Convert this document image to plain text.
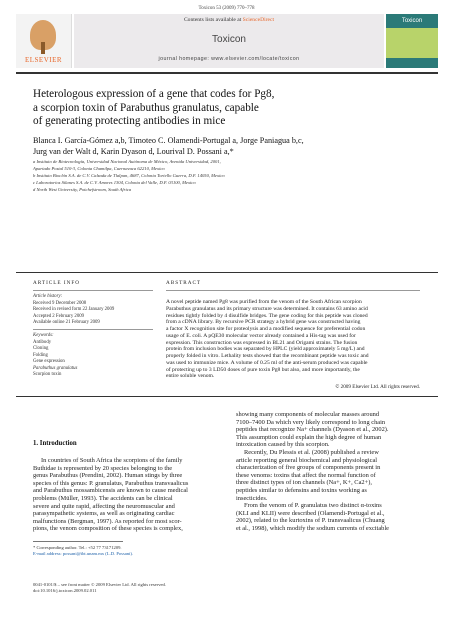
Toxicon 53 (2009) 770–778
ELSEVIER
Contents lists available at ScienceDirect
Toxicon
journal homepage: www.elsevier.com/locate/toxicon
Toxicon
Heterologous expression of a gene that codes for Pg8,
a scorpion toxin of Parabuthus granulatus, capable
of generating protecting antibodies in mice
Blanca I. García-Gómez a,b, Timoteo C. Olamendi-Portugal a, Jorge Paniagua b,c,
Jurg van der Walt d, Karin Dyason d, Lourival D. Possani a,*
a Instituto de Biotecnología, Universidad Nacional Autónoma de México, Avenida Universidad, 2001,
Apartado Postal 510-3, Colonia Chamilpa, Cuernavaca 62210, Mexico
b Instituto Bioclón S.A. de C.V. Calzada de Tlalpan, 4687, Colonia Toriello Guerra, D.F. 14050, Mexico
c Laboratorios Silanes S.A. de C.V. Amores 1304, Colonia del Valle, D.F. 03100, Mexico
d North West University, Potchefstroom, South Africa
ARTICLE INFO
Article history:
Received 9 December 2008
Received in revised form 22 January 2009
Accepted 2 February 2009
Available online 21 February 2009
Keywords:
Antibody
Cloning
Folding
Gene expression
Parabuthus granulatus
Scorpion toxin
ABSTRACT
A novel peptide named Pg8 was purified from the venom of the South African scorpion
Parabuthus granulatus and its primary structure was determined. It contains 63 amino acid
residues tightly folded by 4 disulfide bridges. The gene coding for this peptide was cloned
from a cDNA library. By recursive PCR strategy a hybrid gene was constructed having
a factor X recognition site for proteolysis and a modified sequence for preferential codon
usage of E. coli. A pQE30 molecular vector already contained a His-tag was used for
expression. This construction was expressed in BL21 and Origami strains. The fusion
protein from inclusion bodies was separated by HPLC (yield approximately 5 mg/L) and
properly folded in vitro. Lethality tests showed that the recombinant peptide was toxic and
was used to immunize mice. A volume of 0.25 ml of the anti-serum produced was capable
of protecting up to 3 LD50 doses of pure toxin Pg8 but also, and more importantly, the
entire soluble venom.
© 2009 Elsevier Ltd. All rights reserved.
1. Introduction
In countries of South Africa the scorpions of the family
Buthidae is represented by 20 species belonging to the
genus Parabuthus (Prendini, 2002). Human stings by three
species of this genus: P. granulatus, Parabuthus transvaalicus
and Parabuthus mossambicensis are known to cause medical
problems (Müller, 1993). The accidents can be clinical
severe and quite rapid, affecting the neuromuscular and
parasympathetic systems, as well as originating cardiac
malfunctions (Bergman, 1997). As reported for most scor-
pions, the venom composition of these species is complex,
showing many components of molecular masses around
7100–7400 Da which very likely correspond to long chain
peptides that recognize Na+ channels (Dyason et al., 2002).
This assumption could explain the high degree of human
intoxication caused by this scorpion.
Recently, Du Plessis et al. (2008) published a review
article reporting general biochemical and physiological
characterization of five groups of components present in
these venoms: toxins that affect the normal function of
three distinct types of ion channels (Na+, K+, Ca2+),
peptides similar to defensins and toxins working as
insecticides.
From the venom of P. granulatus two distinct α-toxins
(KLI and KLII) were described (Olamendi-Portugal et al.,
2002), related to the kurtoxins of P. transvaalicus (Chuang
et al., 1998), which modify the sodium currents of excitable
* Corresponding author. Tel.: +52 77 73171209.
E-mail address: possani@ibt.unam.mx (L.D. Possani).
0041-0101/$ – see front matter © 2009 Elsevier Ltd. All rights reserved.
doi:10.1016/j.toxicon.2009.02.011
